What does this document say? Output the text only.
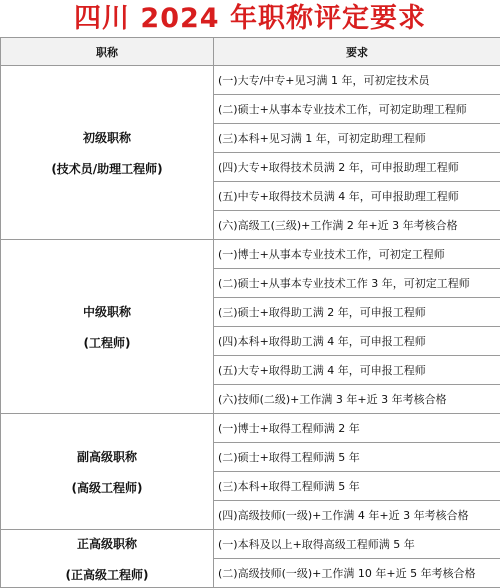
四川 2024 年职称评定要求
职称	要求

初级职称
(技术员/助理工程师)	(一)大专/中专+见习满 1 年，可初定技术员
	(二)硕士+从事本专业技术工作，可初定助理工程师
	(三)本科+见习满 1 年，可初定助理工程师
	(四)大专+取得技术员满 2 年，可申报助理工程师
	(五)中专+取得技术员满 4 年，可申报助理工程师
	(六)高级工(三级)+工作满 2 年+近 3 年考核合格

中级职称
(工程师)	(一)博士+从事本专业技术工作，可初定工程师
	(二)硕士+从事本专业技术工作 3 年，可初定工程师
	(三)硕士+取得助工满 2 年，可申报工程师
	(四)本科+取得助工满 4 年，可申报工程师
	(五)大专+取得助工满 4 年，可申报工程师
	(六)技师(二级)+工作满 3 年+近 3 年考核合格

副高级职称
(高级工程师)	(一)博士+取得工程师满 2 年
	(二)硕士+取得工程师满 5 年
	(三)本科+取得工程师满 5 年
	(四)高级技师(一级)+工作满 4 年+近 3 年考核合格

正高级职称
(正高级工程师)	(一)本科及以上+取得高级工程师满 5 年
	(二)高级技师(一级)+工作满 10 年+近 5 年考核合格
